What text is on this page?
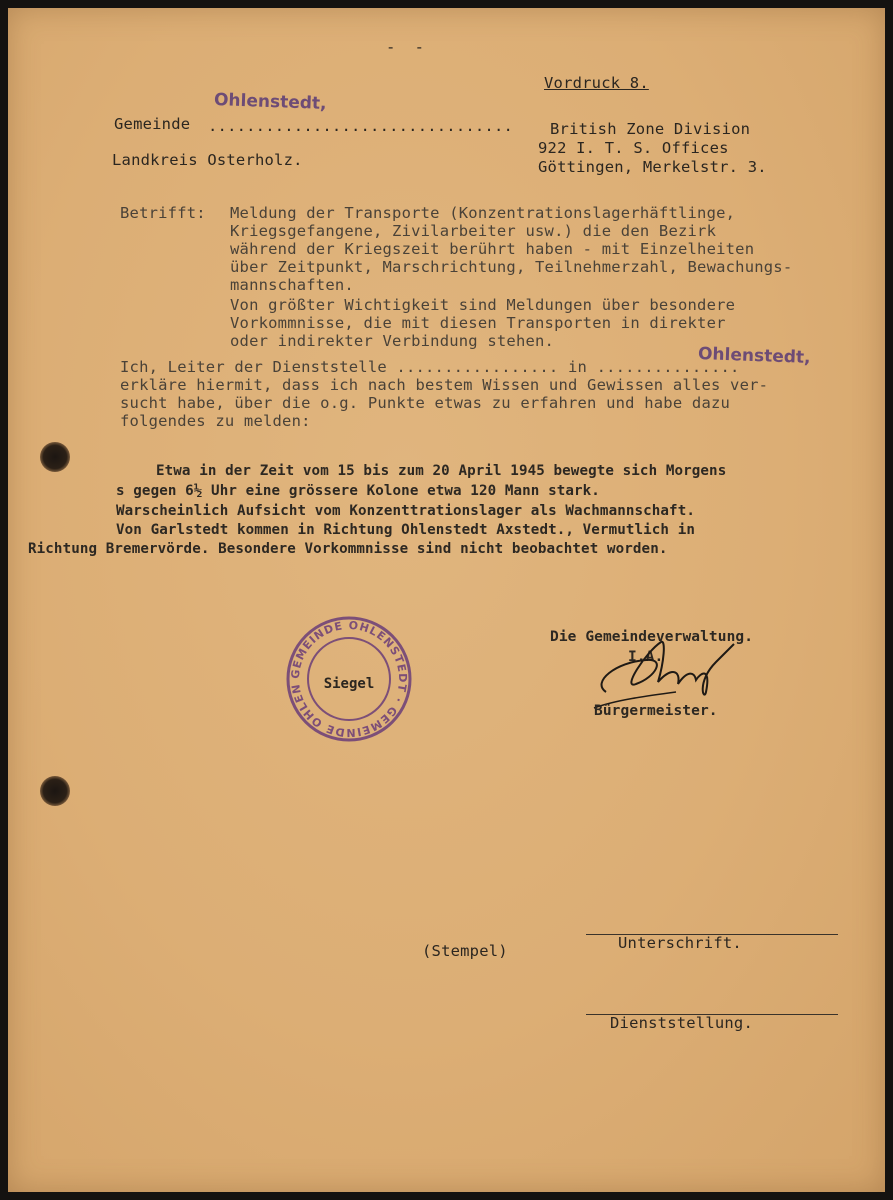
-  -
Vordruck 8.
British Zone Division
922 I. T. S. Offices
Göttingen, Merkelstr. 3.
Gemeinde ................................
Ohlenstedt,
Landkreis Osterholz.
Betrifft: Meldung der Transporte (Konzentrationslagerhäftlinge,
Kriegsgefangene, Zivilarbeiter usw.) die den Bezirk
während der Kriegszeit berührt haben - mit Einzelheiten
über Zeitpunkt, Marschrichtung, Teilnehmerzahl, Bewachungs-
mannschaften.
Von größter Wichtigkeit sind Meldungen über besondere
Vorkommnisse, die mit diesen Transporten in direkter
oder indirekter Verbindung stehen.
Ich, Leiter der Dienststelle ................. in ...............
Ohlenstedt,
erkläre hiermit, dass ich nach bestem Wissen und Gewissen alles ver-
sucht habe, über die o.g. Punkte etwas zu erfahren und habe dazu
folgendes zu melden:
Etwa in der Zeit vom 15 bis zum 20 April 1945 bewegte sich Morgens
s gegen 6½ Uhr eine grössere Kolone etwa 120 Mann stark.
Warscheinlich Aufsicht vom Konzenttrationslager als Wachmannschaft.
Von Garlstedt kommen in Richtung Ohlenstedt Axstedt., Vermutlich in
Richtung Bremervörde. Besondere Vorkommnisse sind nicht beobachtet worden.
GEMEINDE OHLENSTEDT · GEMEINDE OHLEN	Siegel
Die Gemeindeverwaltung.
I.A.
Bürgermeister.
(Stempel)	Unterschrift.
Dienststellung.
